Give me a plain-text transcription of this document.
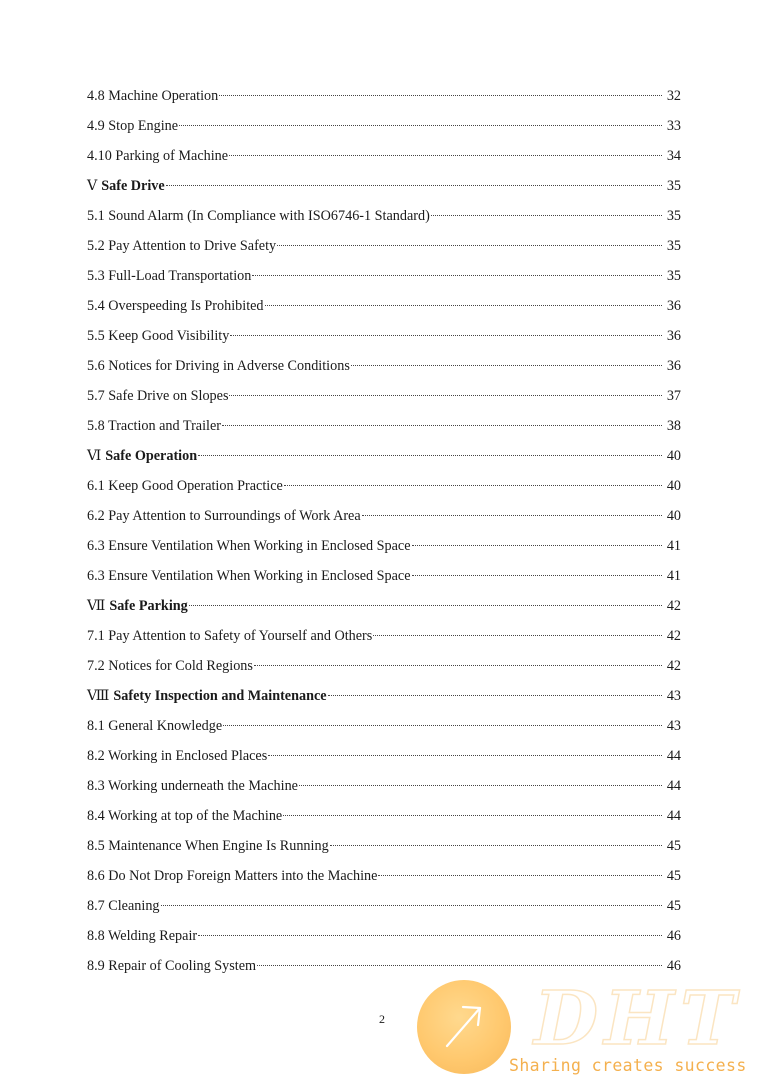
4.8 Machine Operation	32
4.9 Stop Engine	33
4.10 Parking of Machine	34
Ⅴ Safe Drive	35
5.1 Sound Alarm (In Compliance with ISO6746-1 Standard)	35
5.2 Pay Attention to Drive Safety	35
5.3 Full-Load Transportation	35
5.4 Overspeeding Is Prohibited	36
5.5 Keep Good Visibility	36
5.6 Notices for Driving in Adverse Conditions	36
5.7 Safe Drive on Slopes	37
5.8 Traction and Trailer	38
Ⅵ Safe Operation	40
6.1 Keep Good Operation Practice	40
6.2 Pay Attention to Surroundings of Work Area	40
6.3 Ensure Ventilation When Working in Enclosed Space	41
6.3 Ensure Ventilation When Working in Enclosed Space	41
Ⅶ Safe Parking	42
7.1 Pay Attention to Safety of Yourself and Others	42
7.2 Notices for Cold Regions	42
Ⅷ Safety Inspection and Maintenance	43
8.1 General Knowledge	43
8.2 Working in Enclosed Places	44
8.3 Working underneath the Machine	44
8.4 Working at top of the Machine	44
8.5 Maintenance When Engine Is Running	45
8.6 Do Not Drop Foreign Matters into the Machine	45
8.7 Cleaning	45
8.8 Welding Repair	46
8.9 Repair of Cooling System	46
2	DHT
Sharing creates success
